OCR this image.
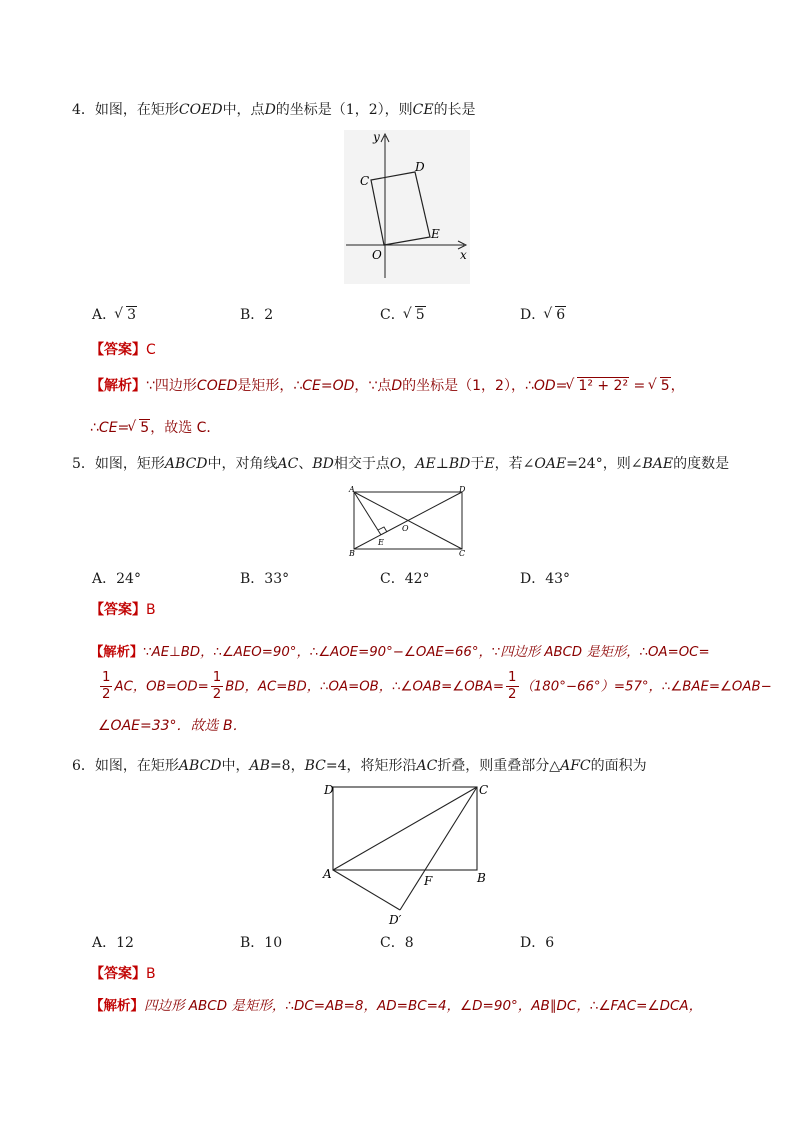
4．如图，在矩形COED中，点D的坐标是（1，2），则CE的长是
y
x
O
C
D
E
A． √ 3	B．2	C． √ 5	D． √ 6
【答案】C
【解析】∵四边形COED是矩形，∴CE=OD，∵点D的坐标是（1，2），∴OD= √ 1² + 2² = √ 5，
∴CE= √ 5，故选 C．
5．如图，矩形ABCD中，对角线AC、BD相交于点O，AE⊥BD于E，若∠OAE=24°，则∠BAE的度数是
A
B	C
D
E
O
A．24°	B．33°	C．42°	D．43°
【答案】B
【解析】∵AE⊥BD，∴∠AEO=90°，∴∠AOE=90°−∠OAE=66°，∵四边形 ABCD 是矩形，∴OA=OC=
$\frac{1}{2}$ AC，$OB=OD= \frac{1}{2}$ BD，AC=BD，∴OA=OB，∴∠OAB=∠OBA= $\frac{1}{2} (180^\circ-66^\circ)=57^\circ$，∴∠BAE=∠OAB−
∠OAE=33°．故选 B．
6．如图，在矩形ABCD中，AB=8，BC=4，将矩形沿AC折叠，则重叠部分△AFC的面积为
D	C
A	B
F
D′
A．12	B．10	C．8	D．6
【答案】B
【解析】四边形 ABCD 是矩形，∴DC=AB=8，AD=BC=4，∠D=90°，AB∥DC，∴∠FAC=∠DCA，
